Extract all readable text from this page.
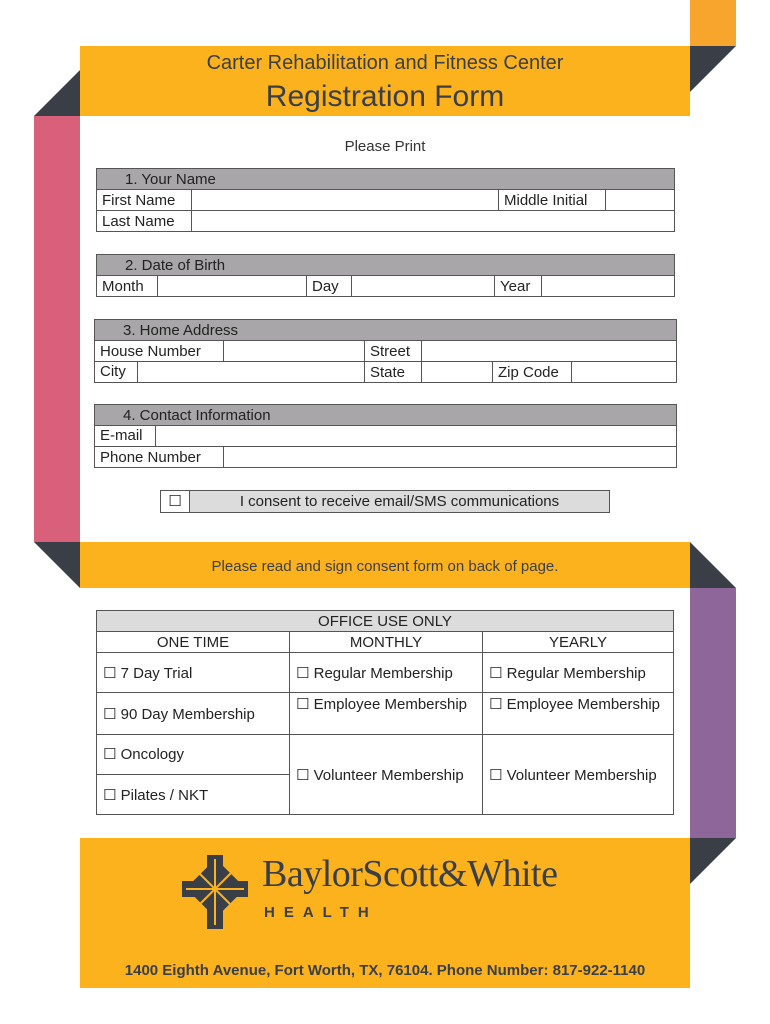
Carter Rehabilitation and Fitness Center
Registration Form
Please Print
1. Your Name			
First Name		Middle Initial	
Last Name			
2. Date of Birth
Month		Day		Year	
3. Home Address					
House Number		Street			

City		State		Zip Code	
4. Contact Information

E-mail

Phone Number	
☐	I consent to receive email/SMS communications
Please read and sign consent form on back of page.
OFFICE USE ONLY		
ONE TIME	MONTHLY	YEARLY
☐ 7 Day Trial	☐ Regular Membership	☐ Regular Membership
☐ 90 Day Membership	☐ Employee Membership	☐ Employee Membership
☐ Oncology	☐ Volunteer Membership	☐ Volunteer Membership
☐ Pilates / NKT		
BaylorScott&White
HEALTH
1400 Eighth Avenue, Fort Worth, TX, 76104. Phone Number: 817-922-1140
